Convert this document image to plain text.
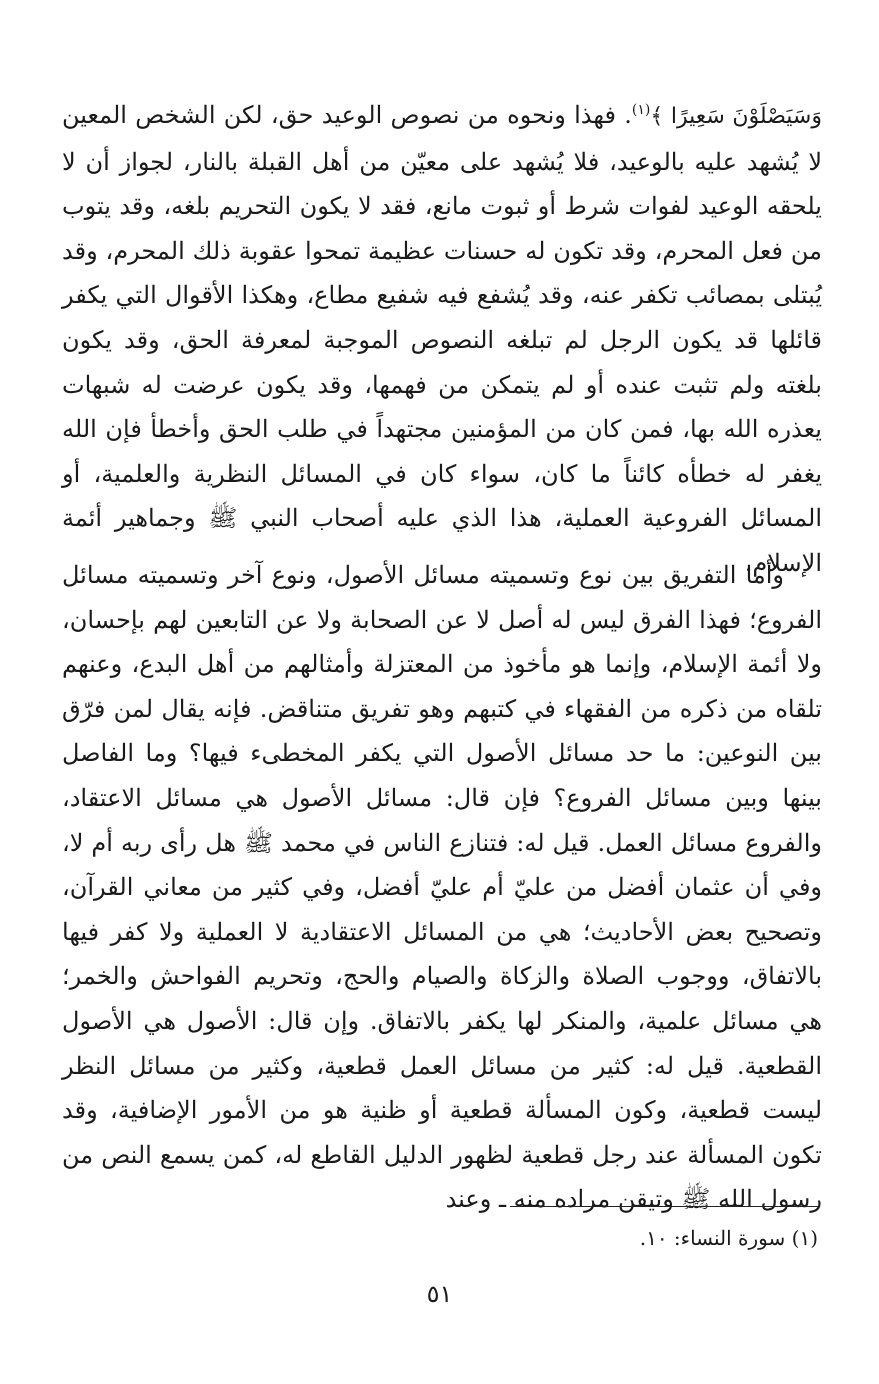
وَسَيَصْلَوْنَ سَعِيرًا ﴾$^{(١)}$. فهذا ونحوه من نصوص الوعيد حق، لكن الشخص المعين لا يُشهد عليه بالوعيد، فلا يُشهد على معيّن من أهل القبلة بالنار، لجواز أن لا يلحقه الوعيد لفوات شرط أو ثبوت مانع، فقد لا يكون التحريم بلغه، وقد يتوب من فعل المحرم، وقد تكون له حسنات عظيمة تمحوا عقوبة ذلك المحرم، وقد يُبتلى بمصائب تكفر عنه، وقد يُشفع فيه شفيع مطاع، وهكذا الأقوال التي يكفر قائلها قد يكون الرجل لم تبلغه النصوص الموجبة لمعرفة الحق، وقد يكون بلغته ولم تثبت عنده أو لم يتمكن من فهمها، وقد يكون عرضت له شبهات يعذره الله بها، فمن كان من المؤمنين مجتهداً في طلب الحق وأخطأ فإن الله يغفر له خطأه كائناً ما كان، سواء كان في المسائل النظرية والعلمية، أو المسائل الفروعية العملية، هذا الذي عليه أصحاب النبي ﷺ وجماهير أئمة الإسلام.

وأما التفريق بين نوع وتسميته مسائل الأصول، ونوع آخر وتسميته مسائل الفروع؛ فهذا الفرق ليس له أصل لا عن الصحابة ولا عن التابعين لهم بإحسان، ولا أئمة الإسلام، وإنما هو مأخوذ من المعتزلة وأمثالهم من أهل البدع، وعنهم تلقاه من ذكره من الفقهاء في كتبهم وهو تفريق متناقض. فإنه يقال لمن فرّق بين النوعين: ما حد مسائل الأصول التي يكفر المخطىء فيها؟ وما الفاصل بينها وبين مسائل الفروع؟ فإن قال: مسائل الأصول هي مسائل الاعتقاد، والفروع مسائل العمل. قيل له: فتنازع الناس في محمد ﷺ هل رأى ربه أم لا، وفي أن عثمان أفضل من عليّ أم عليّ أفضل، وفي كثير من معاني القرآن، وتصحيح بعض الأحاديث؛ هي من المسائل الاعتقادية لا العملية ولا كفر فيها بالاتفاق، ووجوب الصلاة والزكاة والصيام والحج، وتحريم الفواحش والخمر؛ هي مسائل علمية، والمنكر لها يكفر بالاتفاق. وإن قال: الأصول هي الأصول القطعية. قيل له: كثير من مسائل العمل قطعية، وكثير من مسائل النظر ليست قطعية، وكون المسألة قطعية أو ظنية هو من الأمور الإضافية، وقد تكون المسألة عند رجل قطعية لظهور الدليل القاطع له، كمن يسمع النص من رسول الله ﷺ وتيقن مراده منه ـ وعند

(١) سورة النساء: ١٠.
٥١
